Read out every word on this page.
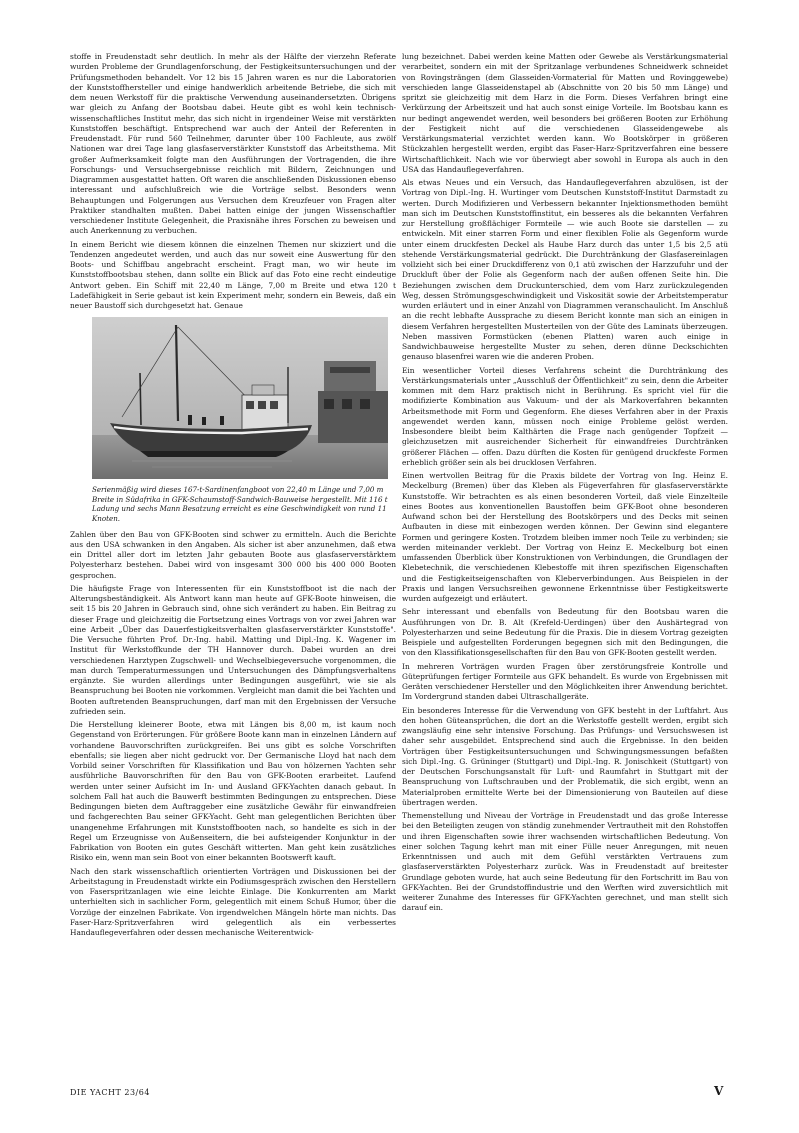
stoffe in Freudenstadt sehr deutlich. In mehr als der Hälfte der vierzehn Referate wurden Probleme der Grundlagenforschung, der Festigkeitsuntersuchungen und der Prüfungsmethoden behandelt. Vor 12 bis 15 Jahren waren es nur die Laboratorien der Kunststoffhersteller und einige handwerklich arbeitende Betriebe, die sich mit dem neuen Werkstoff für die praktische Verwendung auseinandersetzten. Übrigens war gleich zu Anfang der Bootsbau dabei. Heute gibt es wohl kein technisch-wissenschaftliches Institut mehr, das sich nicht in irgendeiner Weise mit verstärkten Kunststoffen beschäftigt. Entsprechend war auch der Anteil der Referenten in Freudenstadt. Für rund 560 Teilnehmer, darunter über 100 Fachleute, aus zwölf Nationen war drei Tage lang glasfaserverstärkter Kunststoff das Arbeitsthema. Mit großer Aufmerksamkeit folgte man den Ausführungen der Vortragenden, die ihre Forschungs- und Versuchsergebnisse reichlich mit Bildern, Zeichnungen und Diagrammen ausgestattet hatten. Oft waren die anschließenden Diskussionen ebenso interessant und aufschlußreich wie die Vorträge selbst. Besonders wenn Behauptungen und Folgerungen aus Versuchen dem Kreuzfeuer von Fragen alter Praktiker standhalten mußten. Dabei hatten einige der jungen Wissenschaftler verschiedener Institute Gelegenheit, die Praxisnähe ihres Forschen zu beweisen und auch Anerkennung zu verbuchen.

In einem Bericht wie diesem können die einzelnen Themen nur skizziert und die Tendenzen angedeutet werden, und auch das nur soweit eine Auswertung für den Boots- und Schiffbau angebracht erscheint. Fragt man, wo wir heute im Kunststoffbootsbau stehen, dann sollte ein Blick auf das Foto eine recht eindeutige Antwort geben. Ein Schiff mit 22,40 m Länge, 7,00 m Breite und etwa 120 t Ladefähigkeit in Serie gebaut ist kein Experiment mehr, sondern ein Beweis, daß ein neuer Baustoff sich durchgesetzt hat. Genaue

Serienmäßig wird dieses 167-t-Sardinenfangboot von 22,40 m Länge und 7,00 m Breite in Südafrika in GFK-Schaumstoff-Sandwich-Bauweise hergestellt. Mit 116 t Ladung und sechs Mann Besatzung erreicht es eine Geschwindigkeit von rund 11 Knoten.

Zahlen über den Bau von GFK-Booten sind schwer zu ermitteln. Auch die Berichte aus den USA schwanken in den Angaben. Als sicher ist aber anzunehmen, daß etwa ein Drittel aller dort im letzten Jahr gebauten Boote aus glasfaserverstärktem Polyesterharz bestehen. Dabei wird von insgesamt 300 000 bis 400 000 Booten gesprochen.

Die häufigste Frage von Interessenten für ein Kunststoffboot ist die nach der Alterungsbeständigkeit. Als Antwort kann man heute auf GFK-Boote hinweisen, die seit 15 bis 20 Jahren in Gebrauch sind, ohne sich verändert zu haben. Ein Beitrag zu dieser Frage und gleichzeitig die Fortsetzung eines Vortrags von vor zwei Jahren war eine Arbeit „Über das Dauerfestigkeitsverhalten glasfaserverstärkter Kunststoffe". Die Versuche führten Prof. Dr.-Ing. habil. Matting und Dipl.-Ing. K. Wagener im Institut für Werkstoffkunde der TH Hannover durch. Dabei wurden an drei verschiedenen Harztypen Zugschwell- und Wechselbiegeversuche vorgenommen, die man durch Temperaturmessungen und Untersuchungen des Dämpfungsverhaltens ergänzte. Sie wurden allerdings unter Bedingungen ausgeführt, wie sie als Beanspruchung bei Booten nie vorkommen. Vergleicht man damit die bei Yachten und Booten auftretenden Beanspruchungen, darf man mit den Ergebnissen der Versuche zufrieden sein.

Die Herstellung kleinerer Boote, etwa mit Längen bis 8,00 m, ist kaum noch Gegenstand von Erörterungen. Für größere Boote kann man in einzelnen Ländern auf vorhandene Bauvorschriften zurückgreifen. Bei uns gibt es solche Vorschriften ebenfalls; sie liegen aber nicht gedruckt vor. Der Germanische Lloyd hat nach dem Vorbild seiner Vorschriften für Klassifikation und Bau von hölzernen Yachten sehr ausführliche Bauvorschriften für den Bau von GFK-Booten erarbeitet. Laufend werden unter seiner Aufsicht im In- und Ausland GFK-Yachten danach gebaut. In solchem Fall hat auch die Bauwerft bestimmten Bedingungen zu entsprechen. Diese Bedingungen bieten dem Auftraggeber eine zusätzliche Gewähr für einwandfreien und fachgerechten Bau seiner GFK-Yacht. Geht man gelegentlichen Berichten über unangenehme Erfahrungen mit Kunststoffbooten nach, so handelte es sich in der Regel um Erzeugnisse von Außenseitern, die bei aufsteigender Konjunktur in der Fabrikation von Booten ein gutes Geschäft witterten. Man geht kein zusätzliches Risiko ein, wenn man sein Boot von einer bekannten Bootswerft kauft.

Nach den stark wissenschaftlich orientierten Vorträgen und Diskussionen bei der Arbeitstagung in Freudenstadt wirkte ein Podiumsgespräch zwischen den Herstellern von Faserspritzanlagen wie eine leichte Einlage. Die Konkurrenten am Markt unterhielten sich in sachlicher Form, gelegentlich mit einem Schuß Humor, über die Vorzüge der einzelnen Fabrikate. Von irgendwelchen Mängeln hörte man nichts. Das Faser-Harz-Spritzverfahren wird gelegentlich als ein verbessertes Handauflegeverfahren oder dessen mechanische Weiterentwick-

lung bezeichnet. Dabei werden keine Matten oder Gewebe als Verstärkungsmaterial verarbeitet, sondern ein mit der Spritzanlage verbundenes Schneidwerk schneidet von Rovingsträngen (dem Glasseiden-Vormaterial für Matten und Rovinggewebe) verschieden lange Glasseidenstapel ab (Abschnitte von 20 bis 50 mm Länge) und spritzt sie gleichzeitig mit dem Harz in die Form. Dieses Verfahren bringt eine Verkürzung der Arbeitszeit und hat auch sonst einige Vorteile. Im Bootsbau kann es nur bedingt angewendet werden, weil besonders bei größeren Booten zur Erhöhung der Festigkeit nicht auf die verschiedenen Glasseidengewebe als Verstärkungsmaterial verzichtet werden kann. Wo Bootskörper in größeren Stückzahlen hergestellt werden, ergibt das Faser-Harz-Spritzverfahren eine bessere Wirtschaftlichkeit. Nach wie vor überwiegt aber sowohl in Europa als auch in den USA das Handauflegeverfahren.

Als etwas Neues und ein Versuch, das Handauflegeverfahren abzulösen, ist der Vortrag von Dipl.-Ing. H. Wurtinger vom Deutschen Kunststoff-Institut Darmstadt zu werten. Durch Modifizieren und Verbessern bekannter Injektionsmethoden bemüht man sich im Deutschen Kunststoffinstitut, ein besseres als die bekannten Verfahren zur Herstellung großflächiger Formteile — wie auch Boote sie darstellen — zu entwickeln. Mit einer starren Form und einer flexiblen Folie als Gegenform wurde unter einem druckfesten Deckel als Haube Harz durch das unter 1,5 bis 2,5 atü stehende Verstärkungsmaterial gedrückt. Die Durchtränkung der Glasfasereinlagen vollzieht sich bei einer Druckdifferenz von 0,1 atü zwischen der Harzzufuhr und der Druckluft über der Folie als Gegenform nach der außen offenen Seite hin. Die Beziehungen zwischen dem Druckunterschied, dem vom Harz zurückzulegenden Weg, dessen Strömungsgeschwindigkeit und Viskosität sowie der Arbeitstemperatur wurden erläutert und in einer Anzahl von Diagrammen veranschaulicht. Im Anschluß an die recht lebhafte Aussprache zu diesem Bericht konnte man sich an einigen in diesem Verfahren hergestellten Musterteilen von der Güte des Laminats überzeugen. Neben massiven Formstücken (ebenen Platten) waren auch einige in Sandwichbauweise hergestellte Muster zu sehen, deren dünne Deckschichten genauso blasenfrei waren wie die anderen Proben.

Ein wesentlicher Vorteil dieses Verfahrens scheint die Durchtränkung des Verstärkungsmaterials unter „Ausschluß der Öffentlichkeit" zu sein, denn die Arbeiter kommen mit dem Harz praktisch nicht in Berührung. Es spricht viel für die modifizierte Kombination aus Vakuum- und der als Markoverfahren bekannten Arbeitsmethode mit Form und Gegenform. Ehe dieses Verfahren aber in der Praxis angewendet werden kann, müssen noch einige Probleme gelöst werden. Insbesondere bleibt beim Kalthärten die Frage nach genügender Topfzeit — gleichzusetzen mit ausreichender Sicherheit für einwandfreies Durchtränken größerer Flächen — offen. Dazu dürften die Kosten für genügend druckfeste Formen erheblich größer sein als bei drucklosen Verfahren.

Einen wertvollen Beitrag für die Praxis bildete der Vortrag von Ing. Heinz E. Meckelburg (Bremen) über das Kleben als Fügeverfahren für glasfaserverstärkte Kunststoffe. Wir betrachten es als einen besonderen Vorteil, daß viele Einzelteile eines Bootes aus konventionellen Baustoffen beim GFK-Boot ohne besonderen Aufwand schon bei der Herstellung des Bootskörpers und des Decks mit seinen Aufbauten in diese mit einbezogen werden können. Der Gewinn sind elegantere Formen und geringere Kosten. Trotzdem bleiben immer noch Teile zu verbinden; sie werden miteinander verklebt. Der Vortrag von Heinz E. Meckelburg bot einen umfassenden Überblick über Konstruktionen von Verbindungen, die Grundlagen der Klebetechnik, die verschiedenen Klebestoffe mit ihren spezifischen Eigenschaften und die Festigkeitseigenschaften von Kleberverbindungen. Aus Beispielen in der Praxis und langen Versuchsreihen gewonnene Erkenntnisse über Festigkeitswerte wurden aufgezeigt und erläutert.

Sehr interessant und ebenfalls von Bedeutung für den Bootsbau waren die Ausführungen von Dr. B. Alt (Krefeld-Uerdingen) über den Aushärtegrad von Polyesterharzen und seine Bedeutung für die Praxis. Die in diesem Vortrag gezeigten Beispiele und aufgestellten Forderungen begegnen sich mit den Bedingungen, die von den Klassifikationsgesellschaften für den Bau von GFK-Booten gestellt werden.

In mehreren Vorträgen wurden Fragen über zerstörungsfreie Kontrolle und Güteprüfungen fertiger Formteile aus GFK behandelt. Es wurde von Ergebnissen mit Geräten verschiedener Hersteller und den Möglichkeiten ihrer Anwendung berichtet. Im Vordergrund standen dabei Ultraschallgeräte.

Ein besonderes Interesse für die Verwendung von GFK besteht in der Luftfahrt. Aus den hohen Güteansprüchen, die dort an die Werkstoffe gestellt werden, ergibt sich zwangsläufig eine sehr intensive Forschung. Das Prüfungs- und Versuchswesen ist daher sehr ausgebildet. Entsprechend sind auch die Ergebnisse. In den beiden Vorträgen über Festigkeitsuntersuchungen und Schwingungsmessungen befaßten sich Dipl.-Ing. G. Grüninger (Stuttgart) und Dipl.-Ing. R. Jonischkeit (Stuttgart) von der Deutschen Forschungsanstalt für Luft- und Raumfahrt in Stuttgart mit der Beanspruchung von Luftschrauben und der Problematik, die sich ergibt, wenn an Materialproben ermittelte Werte bei der Dimensionierung von Bauteilen auf diese übertragen werden.

Themenstellung und Niveau der Vorträge in Freudenstadt und das große Interesse bei den Beteiligten zeugen von ständig zunehmender Vertrautheit mit den Rohstoffen und ihren Eigenschaften sowie ihrer wachsenden wirtschaftlichen Bedeutung. Von einer solchen Tagung kehrt man mit einer Fülle neuer Anregungen, mit neuen Erkenntnissen und auch mit dem Gefühl verstärkten Vertrauens zum glasfaserverstärkten Polyesterharz zurück. Was in Freudenstadt auf breitester Grundlage geboten wurde, hat auch seine Bedeutung für den Fortschritt im Bau von GFK-Yachten. Bei der Grundstoffindustrie und den Werften wird zuversichtlich mit weiterer Zunahme des Interesses für GFK-Yachten gerechnet, und man stellt sich darauf ein.

DIE YACHT 23/64	V
